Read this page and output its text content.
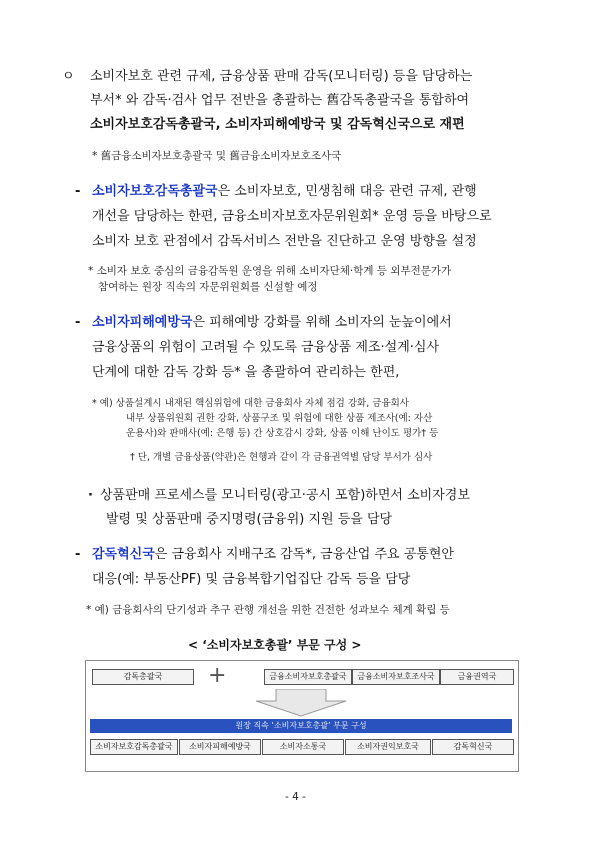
ㅇ 소비자보호 관련 규제, 금융상품 판매 감독(모니터링) 등을 담당하는
부서* 와 감독·검사 업무 전반을 총괄하는 舊감독총괄국을 통합하여
소비자보호감독총괄국, 소비자피해예방국 및 감독혁신국으로 재편
* 舊금융소비자보호총괄국 및 舊금융소비자보호조사국
- 소비자보호감독총괄국은 소비자보호, 민생침해 대응 관련 규제, 관행
개선을 담당하는 한편, 금융소비자보호자문위원회* 운영 등을 바탕으로
소비자 보호 관점에서 감독서비스 전반을 진단하고 운영 방향을 설정
* 소비자 보호 중심의 금융감독원 운영을 위해 소비자단체·학계 등 외부전문가가
참여하는 원장 직속의 자문위원회를 신설할 예정
- 소비자피해예방국은 피해예방 강화를 위해 소비자의 눈높이에서
금융상품의 위험이 고려될 수 있도록 금융상품 제조·설계·심사
단계에 대한 감독 강화 등* 을 총괄하여 관리하는 한편,
* 예) 상품설계시 내재된 핵심위험에 대한 금융회사 자체 점검 강화, 금융회사
내부 상품위원회 권한 강화, 상품구조 및 위험에 대한 상품 제조사(예: 자산
운용사)와 판매사(예: 은행 등) 간 상호감시 강화, 상품 이해 난이도 평가† 등
† 단, 개별 금융상품(약관)은 현행과 같이 각 금융권역별 담당 부서가 심사
· 상품판매 프로세스를 모니터링(광고·공시 포함)하면서 소비자경보
발령 및 상품판매 중지명령(금융위) 지원 등을 담당
- 감독혁신국은 금융회사 지배구조 감독*, 금융산업 주요 공통현안
대응(예: 부동산PF) 및 금융복합기업집단 감독 등을 담당
* 예) 금융회사의 단기성과 추구 관행 개선을 위한 건전한 성과보수 체계 확립 등
< ‘소비자보호총괄’ 부문 구성 >
감독총괄국	+	금융소비자보호총괄국	금융소비자보호조사국	금융권역국
원장 직속 ‘소비자보호총괄’ 부문 구성
소비자보호감독총괄국	소비자피해예방국	소비자소통국	소비자권익보호국	감독혁신국
- 4 -
